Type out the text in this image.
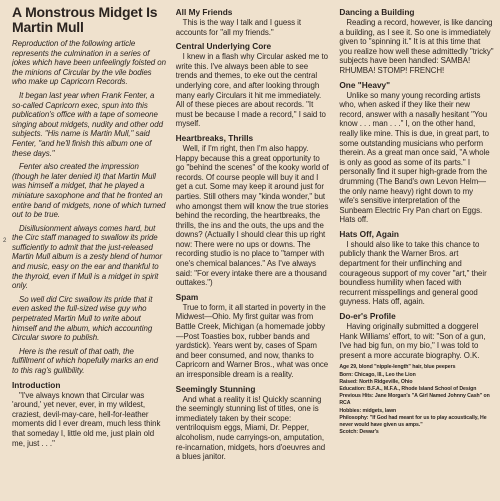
2
A Monstrous Midget Is Martin Mull

Reproduction of the following article represents the culmination in a series of jokes which have been unfeelingly foisted on the minions of Circular by the vile bodies who make up Capricorn Records.

It began last year when Frank Fenter, a so-called Capricorn exec, spun into this publication's office with a tape of someone singing about midgets, nudity and other odd subjects. "His name is Martin Mull," said Fenter, "and he'll finish this album one of these days."

Fenter also created the impression (though he later denied it) that Martin Mull was himself a midget, that he played a miniature saxophone and that he fronted an entire band of midgets, none of which turned out to be true.

Disillusionment always comes hard, but the Circ staff managed to swallow its pride sufficiently to admit that the just-released Martin Mull album is a zesty blend of humor and music, easy on the ear and thankful to the thyroid, even if Mull is a midget in spirit only.

So well did Circ swallow its pride that it even asked the full-sized wise guy who perpetrated Martin Mull to write about himself and the album, which accounting Circular swore to publish.

Here is the result of that oath, the fulfillment of which hopefully marks an end to this rag's gullibility.

Introduction

"I've always known that Circular was 'around,' yet never, ever, in my wildest, craziest, devil-may-care, hell-for-leather moments did I ever dream, much less think that someday I, little old me, just plain old me, just . . ."

All My Friends

This is the way I talk and I guess it accounts for "all my friends."

Central Underlying Core

I knew in a flash why Circular asked me to write this. I've always been able to see trends and themes, to eke out the central underlying core, and after looking through many early Circulars it hit me immediately. All of these pieces are about records. "It must be because I made a record," I said to myself.

Heartbreaks, Thrills

Well, if I'm right, then I'm also happy. Happy because this a great opportunity to go "behind the scenes" of the kooky world of records. Of course people will buy it and I get a cut. Some may keep it around just for parties. Still others may "kinda wonder," but who amongst them will know the true stories behind the recording, the heartbreaks, the thrills, the ins and the outs, the ups and the downs? (Actually I should clear this up right now: There were no ups or downs. The recording studio is no place to "tamper with one's chemical balances." As I've always said: "For every intake there are a thousand outtakes.")

Spam

True to form, it all started in poverty in the Midwest—Ohio. My first guitar was from Battle Creek, Michigan (a homemade jobby—Post Toasties box, rubber bands and yardstick). Years went by, cases of Spam and beer consumed, and now, thanks to Capricorn and Warner Bros., what was once an irresponsible dream is a reality.

Seemingly Stunning

And what a reality it is! Quickly scanning the seemingly stunning list of titles, one is immediately taken by their scope: ventriloquism eggs, Miami, Dr. Pepper, alcoholism, nude carryings-on, amputation, re-incarnation, midgets, hors d'oeuvres and a blues janitor.

Dancing a Building

Reading a record, however, is like dancing a building, as I see it. So one is immediately given to "spinning it." It is at this time that you realize how well these admittedly "tricky" subjects have been handled: SAMBA! RHUMBA! STOMP! FRENCH!

One "Heavy"

Unlike so many young recording artists who, when asked if they like their new record, answer with a nasally hesitant "You know . . . man . . ." I, on the other hand, really like mine. This is due, in great part, to some outstanding musicians who perform therein. As a great man once said, "A whole is only as good as some of its parts." I personally find it super high-grade from the drumming (The Band's own Levon Helm—the only name heavy) right down to my wife's sensitive interpretation of the Sunbeam Electric Fry Pan chart on Eggs. Hats off.

Hats Off, Again

I should also like to take this chance to publicly thank the Warner Bros. art department for their unflinching and courageous support of my cover "art," their boundless humility when faced with recurrent misspellings and general good guyness. Hats off, again.

Do-er's Profile

Having originally submitted a doggerel Hank Williams' effort, to wit: "Son of a gun, I've had big fun, on my bio," I was told to present a more accurate biography. O.K.

Age 29, blond "nipple-length" hair, blue peepers
Born: Chicago, Ill., Leo the Lion
Raised: North Ridgeville, Ohio
Education: B.F.A., M.F.A., Rhode Island School of Design
Previous Hits: Jane Morgan's "A Girl Named Johnny Cash" on RCA
Hobbies: midgets, lawn
Philosophy: "If God had meant for us to play acoustically, He never would have given us amps."
Scotch: Dewar's
